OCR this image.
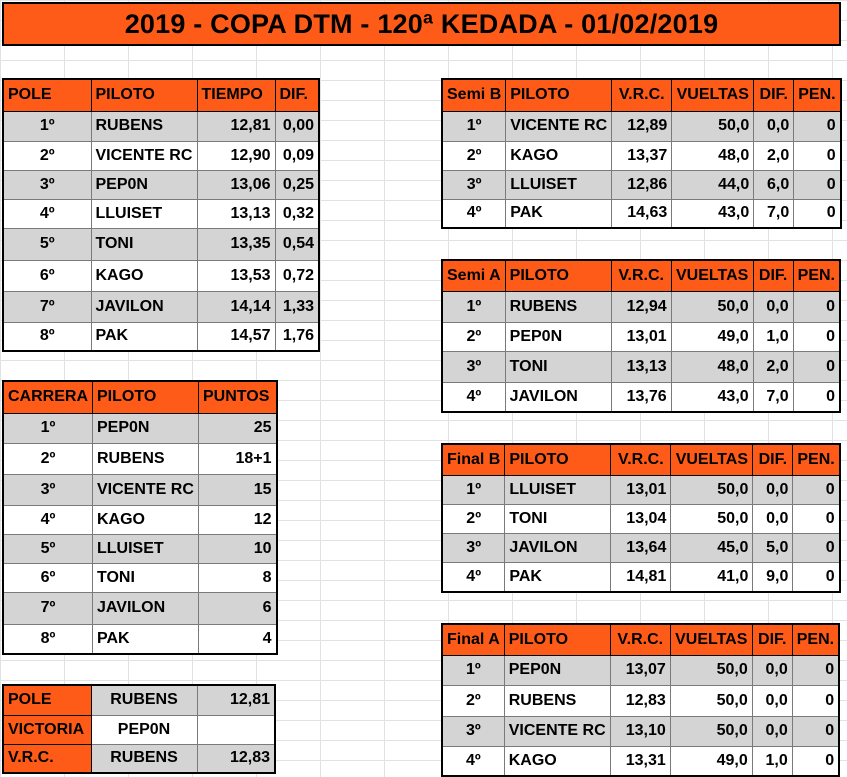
2019 - COPA DTM - 120ª KEDADA - 01/02/2019
POLE	PILOTO	TIEMPO	DIF.
1º	RUBENS	12,81	0,00
2º	VICENTE RC	12,90	0,09
3º	PEP0N	13,06	0,25
4º	LLUISET	13,13	0,32
5º	TONI	13,35	0,54
6º	KAGO	13,53	0,72
7º	JAVILON	14,14	1,33
8º	PAK	14,57	1,76
CARRERA	PILOTO	PUNTOS
1º	PEP0N	25
2º	RUBENS	18+1
3º	VICENTE RC	15
4º	KAGO	12
5º	LLUISET	10
6º	TONI	8
7º	JAVILON	6
8º	PAK	4
POLE	RUBENS	12,81
VICTORIA	PEP0N	
V.R.C.	RUBENS	12,83
Semi B	PILOTO	V.R.C.	VUELTAS	DIF.	PEN.
1º	VICENTE RC	12,89	50,0	0,0	0
2º	KAGO	13,37	48,0	2,0	0
3º	LLUISET	12,86	44,0	6,0	0
4º	PAK	14,63	43,0	7,0	0
Semi A	PILOTO	V.R.C.	VUELTAS	DIF.	PEN.
1º	RUBENS	12,94	50,0	0,0	0
2º	PEP0N	13,01	49,0	1,0	0
3º	TONI	13,13	48,0	2,0	0
4º	JAVILON	13,76	43,0	7,0	0
Final B	PILOTO	V.R.C.	VUELTAS	DIF.	PEN.
1º	LLUISET	13,01	50,0	0,0	0
2º	TONI	13,04	50,0	0,0	0
3º	JAVILON	13,64	45,0	5,0	0
4º	PAK	14,81	41,0	9,0	0
Final A	PILOTO	V.R.C.	VUELTAS	DIF.	PEN.
1º	PEP0N	13,07	50,0	0,0	0
2º	RUBENS	12,83	50,0	0,0	0
3º	VICENTE RC	13,10	50,0	0,0	0
4º	KAGO	13,31	49,0	1,0	0
